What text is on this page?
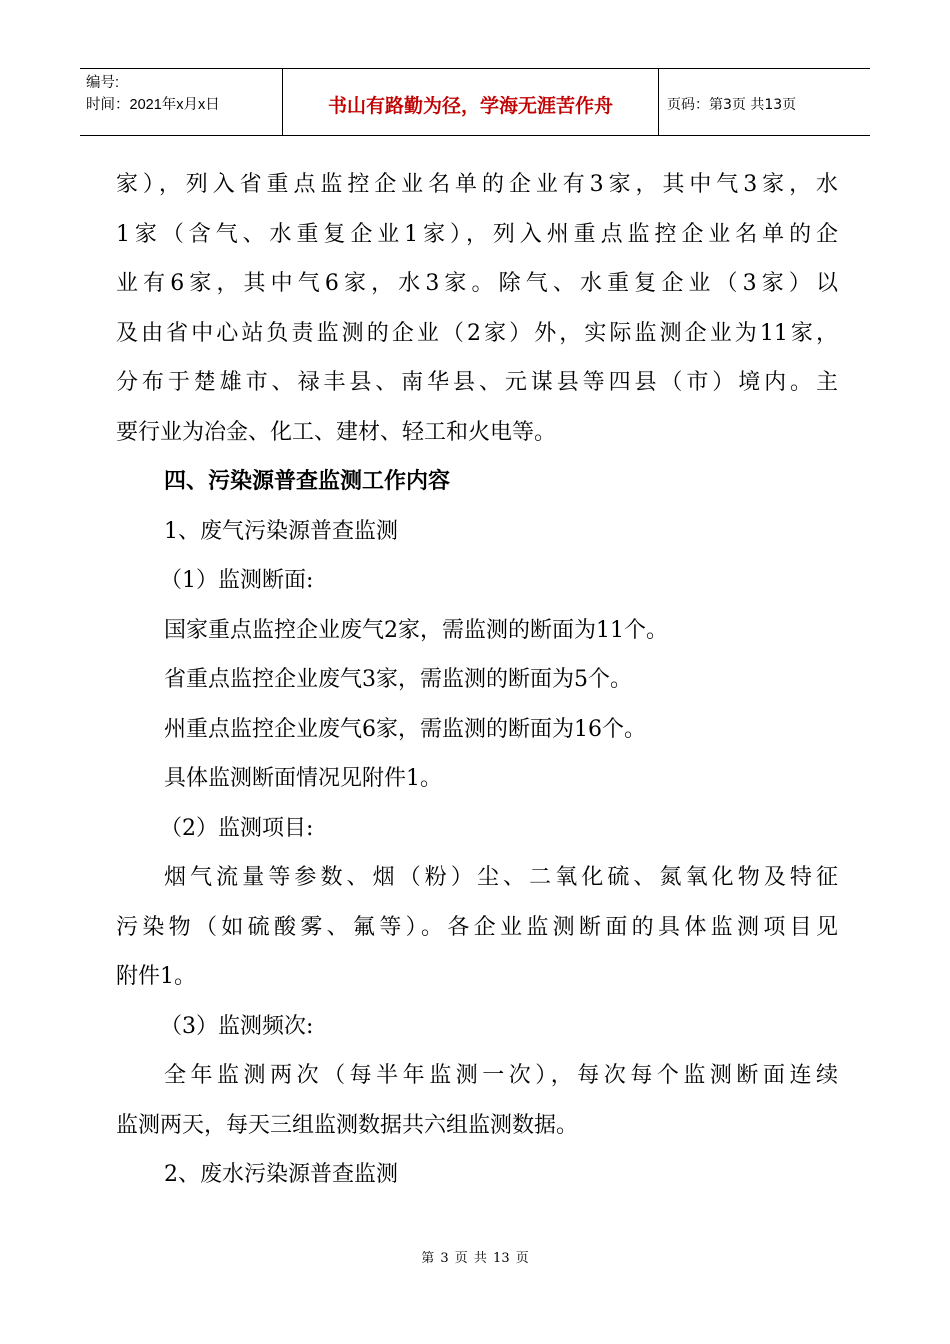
编号:
时间：2021年x月x日	书山有路勤为径，学海无涯苦作舟	页码：第3页 共13页

家），列入省重点监控企业名单的企业有3家，其中气3家，水

1家（含气、水重复企业1家），列入州重点监控企业名单的企

业有6家，其中气6家，水3家。除气、水重复企业（3家）以

及由省中心站负责监测的企业（2家）外，实际监测企业为11家，

分布于楚雄市、禄丰县、南华县、元谋县等四县（市）境内。主

要行业为冶金、化工、建材、轻工和火电等。

四、污染源普查监测工作内容

1、废气污染源普查监测

（1）监测断面:

国家重点监控企业废气2家，需监测的断面为11个。

省重点监控企业废气3家，需监测的断面为5个。

州重点监控企业废气6家，需监测的断面为16个。

具体监测断面情况见附件1。

（2）监测项目:

烟气流量等参数、烟（粉）尘、二氧化硫、氮氧化物及特征

污染物（如硫酸雾、氟等）。各企业监测断面的具体监测项目见

附件1。

（3）监测频次:

全年监测两次（每半年监测一次），每次每个监测断面连续

监测两天，每天三组监测数据共六组监测数据。

2、废水污染源普查监测

第 3 页 共 13 页
